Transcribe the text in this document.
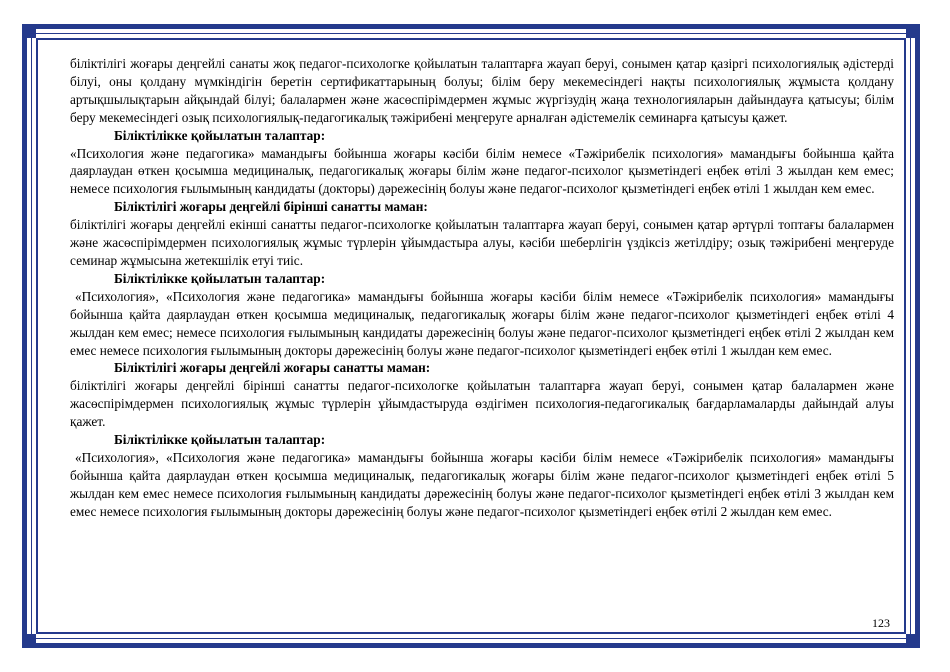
біліктілігі жоғары деңгейлі санаты жоқ педагог-психологке қойылатын талаптарға жауап беруі, сонымен қатар қазіргі психологиялық әдістерді білуі, оны қолдану мүмкіндігін беретін сертификаттарының болуы; білім беру мекемесіндегі нақты психологиялық жұмыста қолдану артықшылықтарын айқындай білуі; балалармен және жасөспірімдермен жұмыс жүргізудің жаңа технологияларын дайындауға қатысуы; білім беру мекемесіндегі озық психологиялық-педагогикалық тәжірибені меңгеруге арналған әдістемелік семинарға қатысуы қажет.

Біліктілікке қойылатын талаптар:

«Психология және педагогика» мамандығы бойынша жоғары кәсіби білім немесе «Тәжірибелік психология» мамандығы бойынша қайта даярлаудан өткен қосымша медициналық, педагогикалық жоғары білім және педагог-психолог қызметіндегі еңбек өтілі 3 жылдан кем емес; немесе психология ғылымының кандидаты (докторы) дәрежесінің болуы және педагог-психолог қызметіндегі еңбек өтілі 1 жылдан кем емес.

Біліктілігі жоғары деңгейлі бірінші санатты маман:

біліктілігі жоғары деңгейлі екінші санатты педагог-психологке қойылатын талаптарға жауап беруі, сонымен қатар әртүрлі топтағы балалармен және жасөспірімдермен психологиялық жұмыс түрлерін ұйымдастыра алуы, кәсіби шеберлігін үздіксіз жетілдіру; озық тәжірибені меңгеруде семинар жұмысына жетекшілік етуі тиіс.

Біліктілікке қойылатын талаптар:

«Психология», «Психология және педагогика» мамандығы бойынша жоғары кәсіби білім немесе «Тәжірибелік психология» мамандығы бойынша қайта даярлаудан өткен қосымша медициналық, педагогикалық жоғары білім және педагог-психолог қызметіндегі еңбек өтілі 4 жылдан кем емес; немесе психология ғылымының кандидаты дәрежесінің болуы және педагог-психолог қызметіндегі еңбек өтілі 2 жылдан кем емес немесе психология ғылымының докторы дәрежесінің болуы және педагог-психолог қызметіндегі еңбек өтілі 1 жылдан кем емес.

Біліктілігі жоғары деңгейлі жоғары санатты маман:

біліктілігі жоғары деңгейлі бірінші санатты педагог-психологке қойылатын талаптарға жауап беруі, сонымен қатар балалармен және жасөспірімдермен психологиялық жұмыс түрлерін ұйымдастыруда өздігімен психология-педагогикалық бағдарламаларды дайындай алуы қажет.

Біліктілікке қойылатын талаптар:

«Психология», «Психология және педагогика» мамандығы бойынша жоғары кәсіби білім немесе «Тәжірибелік психология» мамандығы бойынша қайта даярлаудан өткен қосымша медициналық, педагогикалық жоғары білім және педагог-психолог қызметіндегі еңбек өтілі 5 жылдан кем емес немесе психология ғылымының кандидаты дәрежесінің болуы және педагог-психолог қызметіндегі еңбек өтілі 3 жылдан кем емес немесе психология ғылымының докторы дәрежесінің болуы және педагог-психолог қызметіндегі еңбек өтілі 2 жылдан кем емес.

123
